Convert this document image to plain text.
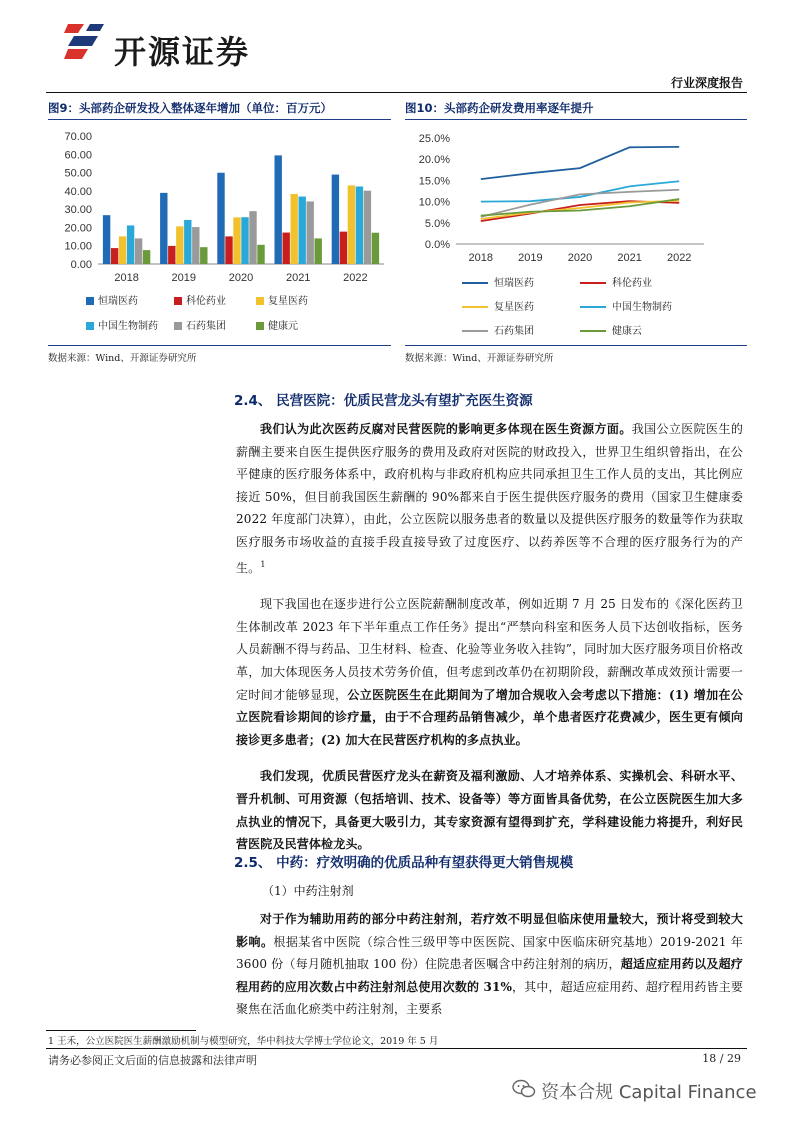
开源证券
行业深度报告
图9：头部药企研发投入整体逐年增加（单位：百万元）
0.00
10.00
20.00
30.00
40.00
50.00
60.00
70.00
2018	2019	2020	2021	2022
恒瑞医药	科伦药业	复星医药
中国生物制药	石药集团	健康元
数据来源：Wind、开源证券研究所
图10：头部药企研发费用率逐年提升
0.0%
5.0%
10.0%
15.0%
20.0%
25.0%
2018 2019 2020 2021 2022
恒瑞医药	科伦药业
复星医药	中国生物制药
石药集团	健康云
数据来源：Wind、开源证券研究所
2.4、 民营医院：优质民营龙头有望扩充医生资源

我们认为此次医药反腐对民营医院的影响更多体现在医生资源方面。我国公立医院医生的薪酬主要来自医生提供医疗服务的费用及政府对医院的财政投入，世界卫生组织曾指出，在公平健康的医疗服务体系中，政府机构与非政府机构应共同承担卫生工作人员的支出，其比例应接近 50%，但目前我国医生薪酬的 90%都来自于医生提供医疗服务的费用（国家卫生健康委 2022 年度部门决算），由此，公立医院以服务患者的数量以及提供医疗服务的数量等作为获取医疗服务市场收益的直接手段直接导致了过度医疗、以药养医等不合理的医疗服务行为的产生。$^1$

现下我国也在逐步进行公立医院薪酬制度改革，例如近期 7 月 25 日发布的《深化医药卫生体制改革 2023 年下半年重点工作任务》提出“严禁向科室和医务人员下达创收指标，医务人员薪酬不得与药品、卫生材料、检查、化验等业务收入挂钩”，同时加大医疗服务项目价格改革，加大体现医务人员技术劳务价值，但考虑到改革仍在初期阶段，薪酬改革成效预计需要一定时间才能够显现，公立医院医生在此期间为了增加合规收入会考虑以下措施：(1) 增加在公立医院看诊期间的诊疗量，由于不合理药品销售减少，单个患者医疗花费减少，医生更有倾向接诊更多患者；(2) 加大在民营医疗机构的多点执业。

我们发现，优质民营医疗龙头在薪资及福利激励、人才培养体系、实操机会、科研水平、晋升机制、可用资源（包括培训、技术、设备等）等方面皆具备优势，在公立医院医生加大多点执业的情况下，具备更大吸引力，其专家资源有望得到扩充，学科建设能力将提升，利好民营医院及民营体检龙头。

2.5、 中药：疗效明确的优质品种有望获得更大销售规模
（1）中药注射剂

对于作为辅助用药的部分中药注射剂，若疗效不明显但临床使用量较大，预计将受到较大影响。根据某省中医院（综合性三级甲等中医医院、国家中医临床研究基地）2019-2021 年 3600 份（每月随机抽取 100 份）住院患者医嘱含中药注射剂的病历，超适应症用药以及超疗程用药的应用次数占中药注射剂总使用次数的 31%，其中，超适应症用药、超疗程用药皆主要聚焦在活血化瘀类中药注射剂，主要系

1 王禾，公立医院医生薪酬激励机制与模型研究，华中科技大学博士学位论文，2019 年 5 月
请务必参阅正文后面的信息披露和法律声明	18 / 29
资本合规 Capital Finance
